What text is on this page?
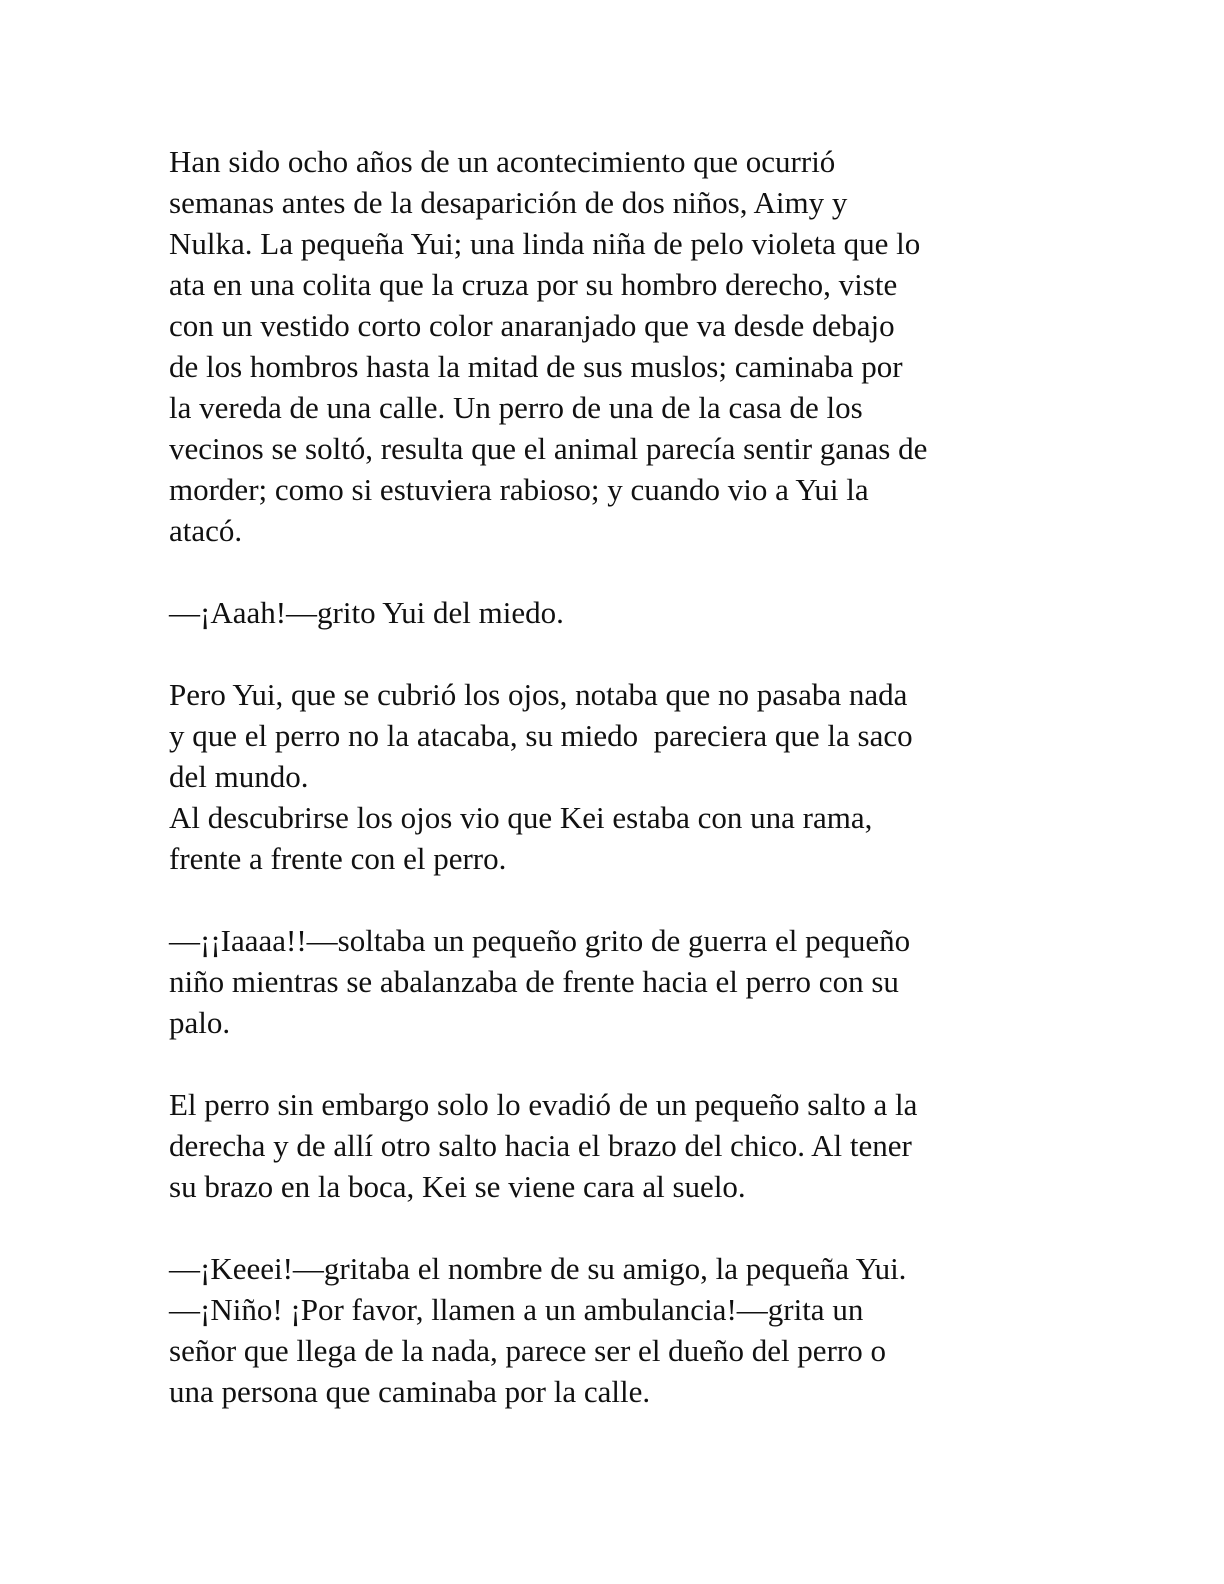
Han sido ocho años de un acontecimiento que ocurrió
semanas antes de la desaparición de dos niños, Aimy y
Nulka. La pequeña Yui; una linda niña de pelo violeta que lo
ata en una colita que la cruza por su hombro derecho, viste
con un vestido corto color anaranjado que va desde debajo
de los hombros hasta la mitad de sus muslos; caminaba por
la vereda de una calle. Un perro de una de la casa de los
vecinos se soltó, resulta que el animal parecía sentir ganas de
morder; como si estuviera rabioso; y cuando vio a Yui la
atacó.
—¡Aaah!—grito Yui del miedo.
Pero Yui, que se cubrió los ojos, notaba que no pasaba nada
y que el perro no la atacaba, su miedo  pareciera que la saco
del mundo.
Al descubrirse los ojos vio que Kei estaba con una rama,
frente a frente con el perro.
—¡¡Iaaaa!!—soltaba un pequeño grito de guerra el pequeño
niño mientras se abalanzaba de frente hacia el perro con su
palo.
El perro sin embargo solo lo evadió de un pequeño salto a la
derecha y de allí otro salto hacia el brazo del chico. Al tener
su brazo en la boca, Kei se viene cara al suelo.
—¡Keeei!—gritaba el nombre de su amigo, la pequeña Yui.
—¡Niño! ¡Por favor, llamen a un ambulancia!—grita un
señor que llega de la nada, parece ser el dueño del perro o
una persona que caminaba por la calle.
